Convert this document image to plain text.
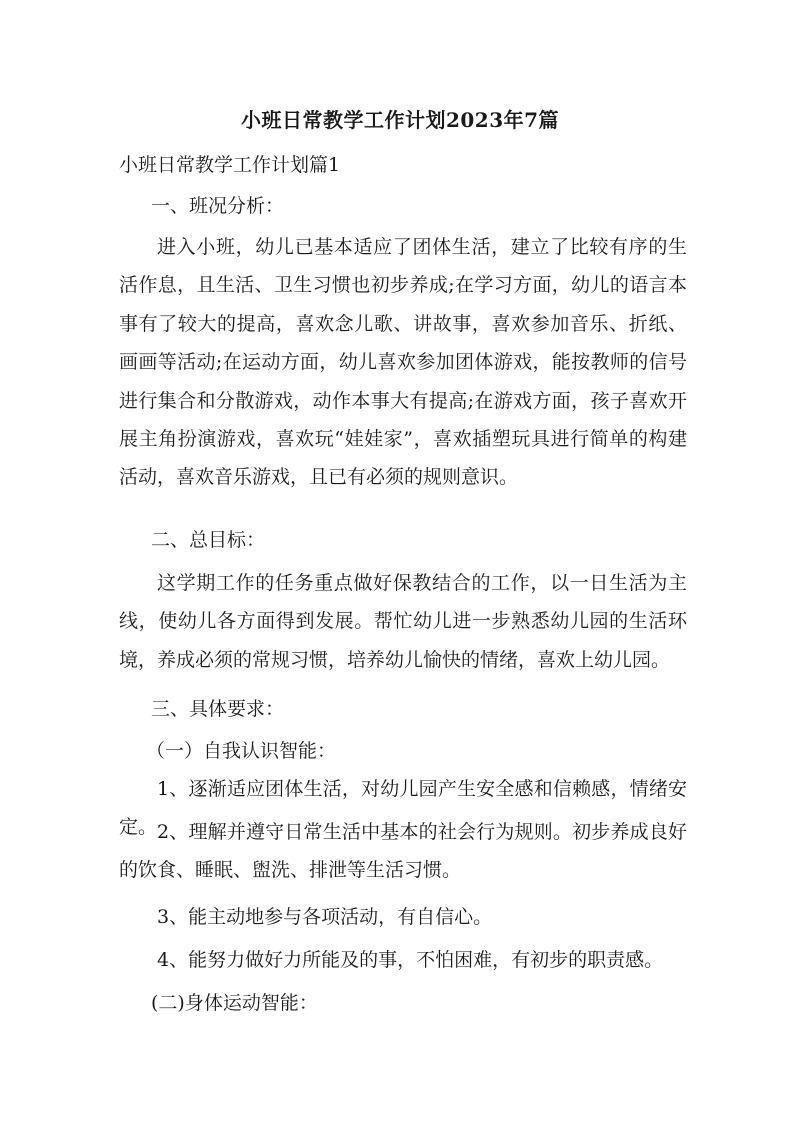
小班日常教学工作计划2023年7篇
小班日常教学工作计划篇1
一、班况分析：
进入小班，幼儿已基本适应了团体生活，建立了比较有序的生活作息，且生活、卫生习惯也初步养成;在学习方面，幼儿的语言本事有了较大的提高，喜欢念儿歌、讲故事，喜欢参加音乐、折纸、画画等活动;在运动方面，幼儿喜欢参加团体游戏，能按教师的信号进行集合和分散游戏，动作本事大有提高;在游戏方面，孩子喜欢开展主角扮演游戏，喜欢玩“娃娃家”，喜欢插塑玩具进行简单的构建活动，喜欢音乐游戏，且已有必须的规则意识。
二、总目标：
这学期工作的任务重点做好保教结合的工作，以一日生活为主线，使幼儿各方面得到发展。帮忙幼儿进一步熟悉幼儿园的生活环境，养成必须的常规习惯，培养幼儿愉快的情绪，喜欢上幼儿园。
三、具体要求：
（一）自我认识智能：
1、逐渐适应团体生活，对幼儿园产生安全感和信赖感，情绪安定。 2、理解并遵守日常生活中基本的社会行为规则。初步养成良好的饮食、睡眠、盥洗、排泄等生活习惯。
3、能主动地参与各项活动，有自信心。
4、能努力做好力所能及的事，不怕困难，有初步的职责感。
(二)身体运动智能：
